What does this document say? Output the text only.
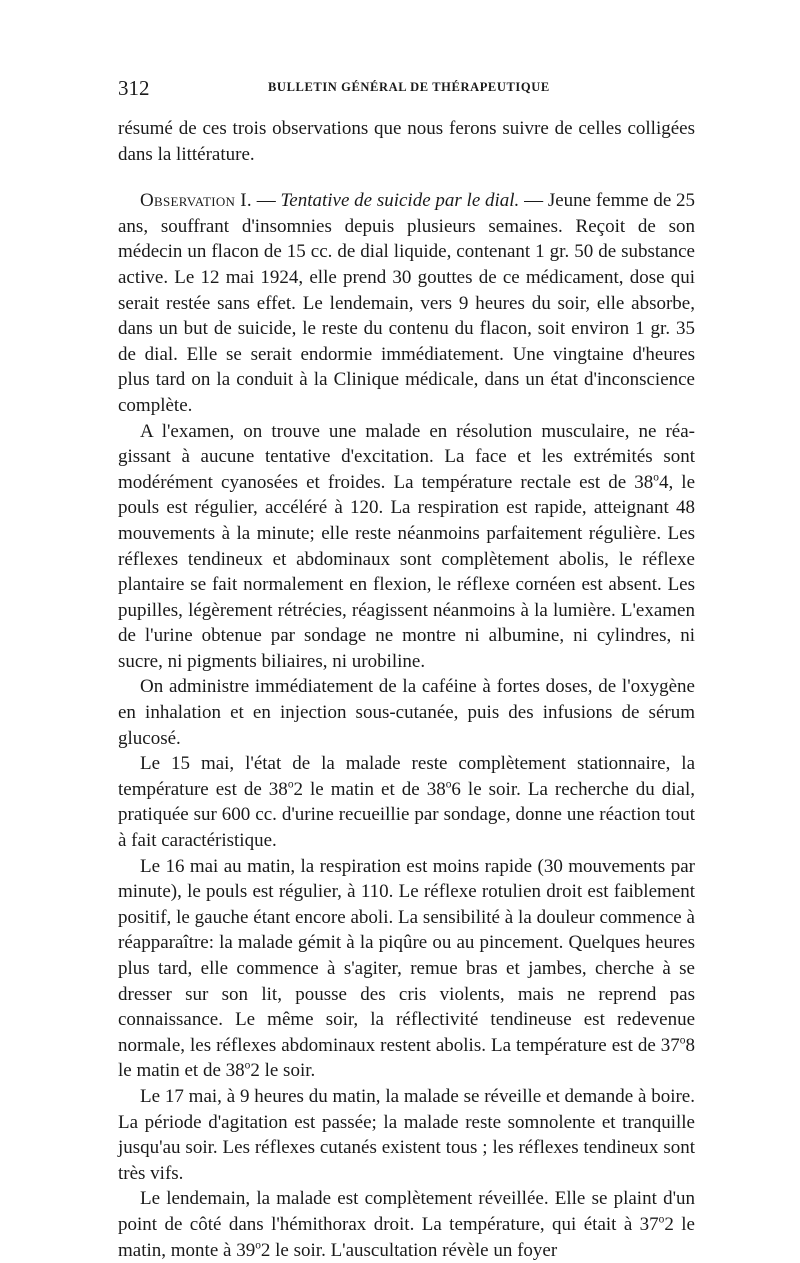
312	BULLETIN GÉNÉRAL DE THÉRAPEUTIQUE

résumé de ces trois observations que nous ferons suivre de celles colligées dans la littérature.

Observation I. — Tentative de suicide par le dial. — Jeune femme de 25 ans, souffrant d'insomnies depuis plusieurs semaines. Reçoit de son médecin un flacon de 15 cc. de dial liquide, contenant 1 gr. 50 de substance active. Le 12 mai 1924, elle prend 30 gouttes de ce médicament, dose qui serait restée sans effet. Le lendemain, vers 9 heures du soir, elle absorbe, dans un but de suicide, le reste du contenu du flacon, soit environ 1 gr. 35 de dial. Elle se serait endormie immédiatement. Une vingtaine d'heures plus tard on la conduit à la Clinique médicale, dans un état d'inconscience complète.

A l'examen, on trouve une malade en résolution musculaire, ne réagissant à aucune tentative d'excitation. La face et les extrémités sont modérément cyanosées et froides. La température rectale est de 38$^o$4, le pouls est régulier, accéléré à 120. La respiration est rapide, atteignant 48 mouvements à la minute; elle reste néanmoins parfaitement régulière. Les réflexes tendineux et abdominaux sont complètement abolis, le réflexe plantaire se fait normalement en flexion, le réflexe cornéen est absent. Les pupilles, légèrement rétrécies, réagissent néanmoins à la lumière. L'examen de l'urine obtenue par sondage ne montre ni albumine, ni cylindres, ni sucre, ni pigments biliaires, ni urobiline.

On administre immédiatement de la caféine à fortes doses, de l'oxygène en inhalation et en injection sous-cutanée, puis des infusions de sérum glucosé.

Le 15 mai, l'état de la malade reste complètement stationnaire, la température est de 38$^o$2 le matin et de 38$^o$6 le soir. La recherche du dial, pratiquée sur 600 cc. d'urine recueillie par sondage, donne une réaction tout à fait caractéristique.

Le 16 mai au matin, la respiration est moins rapide (30 mouvements par minute), le pouls est régulier, à 110. Le réflexe rotulien droit est faiblement positif, le gauche étant encore aboli. La sensibilité à la douleur commence à réapparaître: la malade gémit à la piqûre ou au pincement. Quelques heures plus tard, elle commence à s'agiter, remue bras et jambes, cherche à se dresser sur son lit, pousse des cris violents, mais ne reprend pas connaissance. Le même soir, la réflectivité tendineuse est redevenue normale, les réflexes abdominaux restent abolis. La température est de 37$^o$8 le matin et de 38$^o$2 le soir.

Le 17 mai, à 9 heures du matin, la malade se réveille et demande à boire. La période d'agitation est passée; la malade reste somnolente et tranquille jusqu'au soir. Les réflexes cutanés existent tous ; les réflexes tendineux sont très vifs.

Le lendemain, la malade est complètement réveillée. Elle se plaint d'un point de côté dans l'hémithorax droit. La température, qui était à 37$^o$2 le matin, monte à 39$^o$2 le soir. L'auscultation révèle un foyer
